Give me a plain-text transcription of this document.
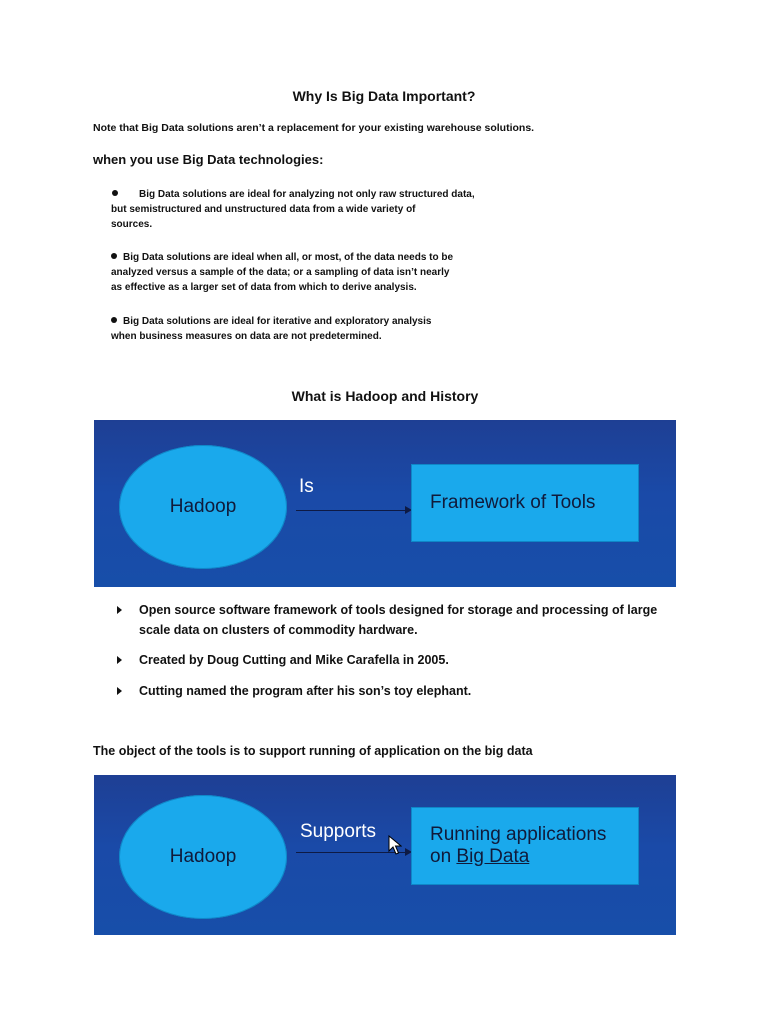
Why Is Big Data Important?
Note that Big Data solutions aren’t a replacement for your existing warehouse solutions.
when you use Big Data technologies:
Big Data solutions are ideal for analyzing not only raw structured data,
but semistructured and unstructured data from a wide variety of
sources.
Big Data solutions are ideal when all, or most, of the data needs to be
analyzed versus a sample of the data; or a sampling of data isn’t nearly
as effective as a larger set of data from which to derive analysis.
Big Data solutions are ideal for iterative and exploratory analysis
when business measures on data are not predetermined.
What is Hadoop and History
Hadoop
Is
Framework of Tools
Open source software framework of tools designed for storage and processing of large scale data on clusters of commodity hardware.
Created by Doug Cutting and Mike Carafella in 2005.
Cutting named the program after his son’s toy elephant.
The object of the tools is to support running of application on the big data
Hadoop
Supports	Running applications
on Big Data
